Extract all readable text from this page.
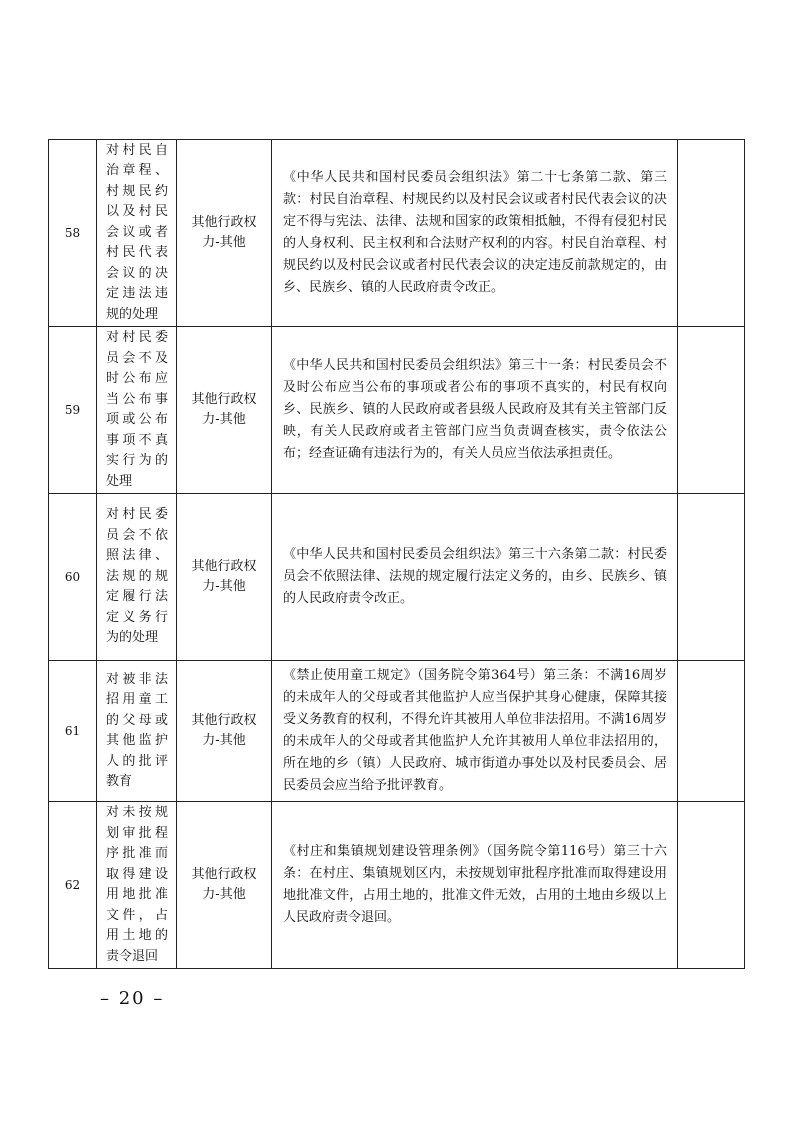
58	对村民自治章程、村规民约以及村民会议或者村民代表会议的决定违法违规的处理	其他行政权力-其他	《中华人民共和国村民委员会组织法》第二十七条第二款、第三款：村民自治章程、村规民约以及村民会议或者村民代表会议的决定不得与宪法、法律、法规和国家的政策相抵触，不得有侵犯村民的人身权利、民主权利和合法财产权利的内容。村民自治章程、村规民约以及村民会议或者村民代表会议的决定违反前款规定的，由乡、民族乡、镇的人民政府责令改正。	
59	对村民委员会不及时公布应当公布事项或公布事项不真实行为的处理	其他行政权力-其他	《中华人民共和国村民委员会组织法》第三十一条：村民委员会不及时公布应当公布的事项或者公布的事项不真实的，村民有权向乡、民族乡、镇的人民政府或者县级人民政府及其有关主管部门反映，有关人民政府或者主管部门应当负责调查核实，责令依法公布；经查证确有违法行为的，有关人员应当依法承担责任。	
60	对村民委员会不依照法律、法规的规定履行法定义务行为的处理	其他行政权力-其他	《中华人民共和国村民委员会组织法》第三十六条第二款：村民委员会不依照法律、法规的规定履行法定义务的，由乡、民族乡、镇的人民政府责令改正。	
61	对被非法招用童工的父母或其他监护人的批评教育	其他行政权力-其他	《禁止使用童工规定》（国务院令第364号）第三条：不满16周岁的未成年人的父母或者其他监护人应当保护其身心健康，保障其接受义务教育的权利，不得允许其被用人单位非法招用。不满16周岁的未成年人的父母或者其他监护人允许其被用人单位非法招用的，所在地的乡（镇）人民政府、城市街道办事处以及村民委员会、居民委员会应当给予批评教育。	
62	对未按规划审批程序批准而取得建设用地批准文件，占用土地的责令退回	其他行政权力-其他	《村庄和集镇规划建设管理条例》（国务院令第116号）第三十六条：在村庄、集镇规划区内，未按规划审批程序批准而取得建设用地批准文件，占用土地的，批准文件无效，占用的土地由乡级以上人民政府责令退回。	
– 20 –
